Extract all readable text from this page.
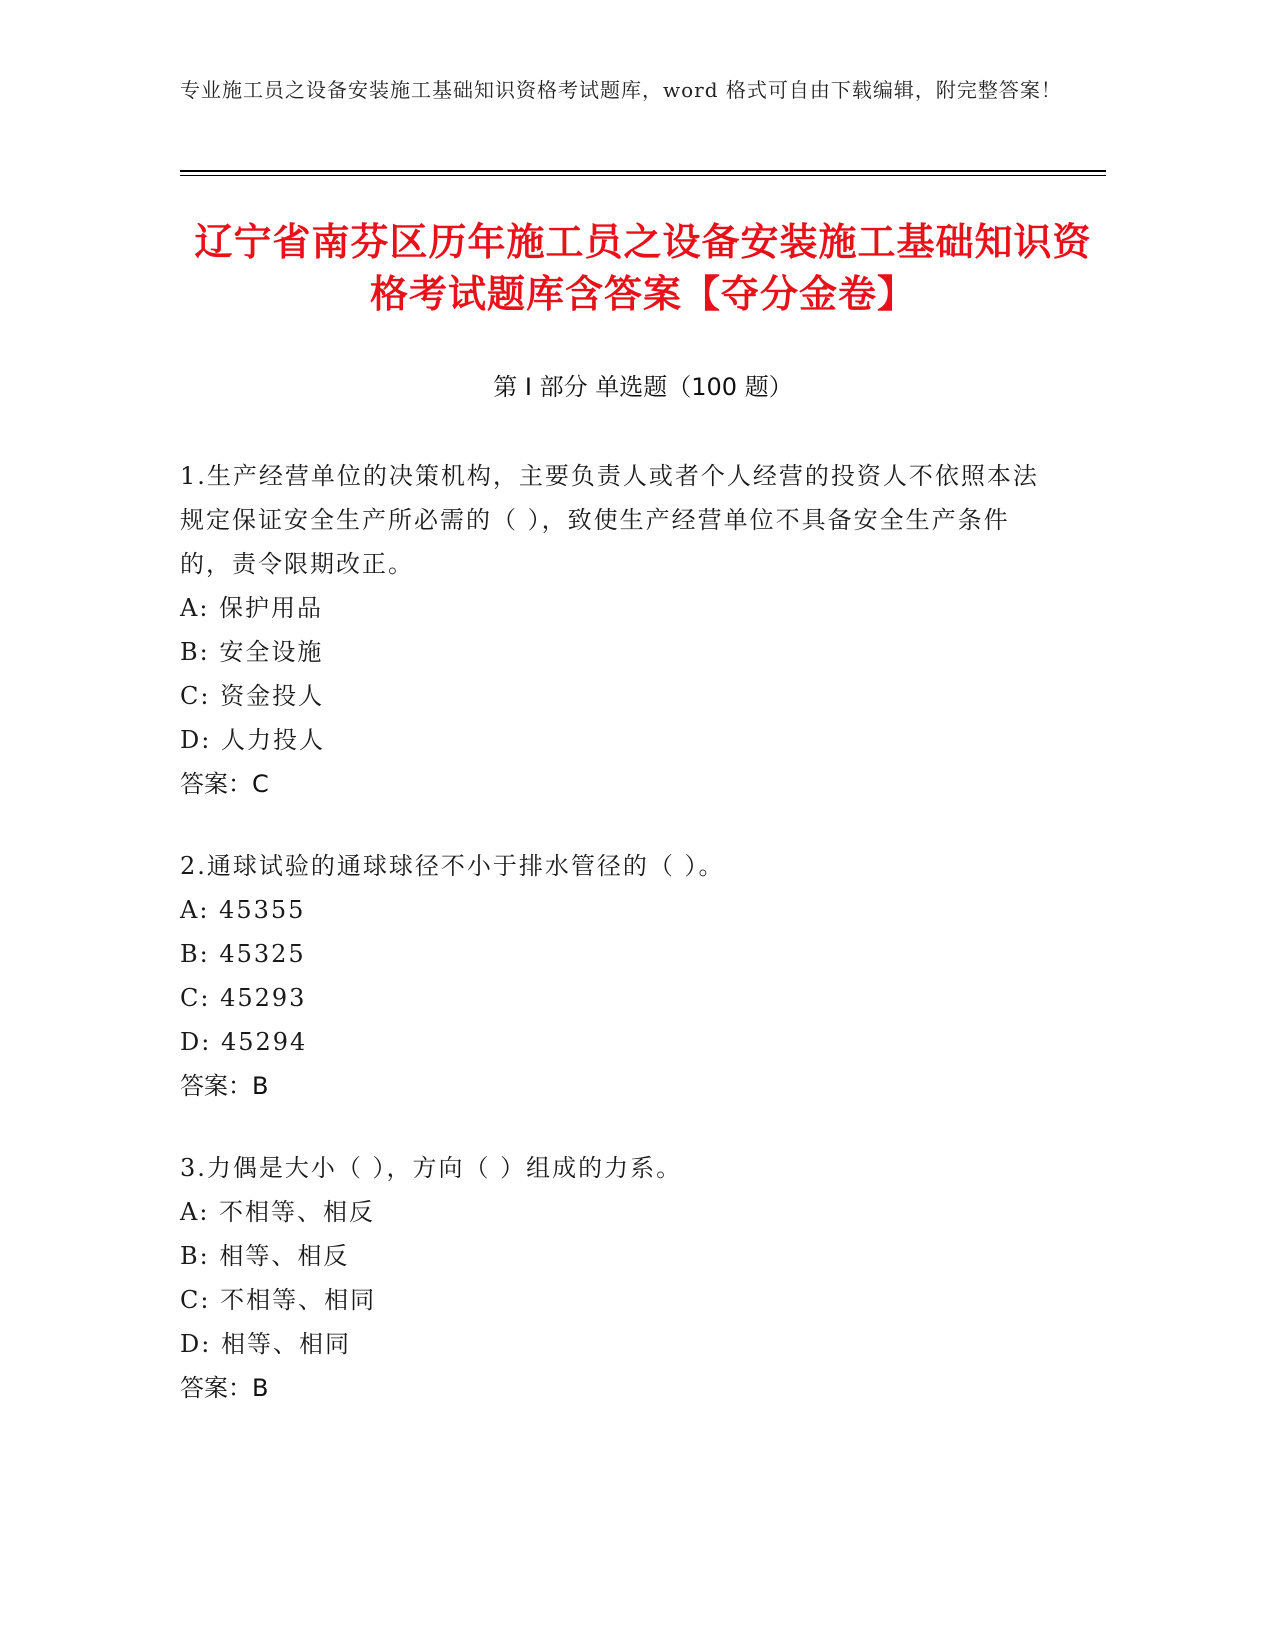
专业施工员之设备安装施工基础知识资格考试题库，word 格式可自由下载编辑，附完整答案！
辽宁省南芬区历年施工员之设备安装施工基础知识资格考试题库含答案【夺分金卷】
第 I 部分 单选题（100 题）

1.生产经营单位的决策机构，主要负责人或者个人经营的投资人不依照本法规定保证安全生产所必需的（ ），致使生产经营单位不具备安全生产条件的，责令限期改正。

A: 保护用品

B: 安全设施

C: 资金投人

D: 人力投人

答案：C

2.通球试验的通球球径不小于排水管径的（ ）。

A: 45355

B: 45325

C: 45293

D: 45294

答案：B

3.力偶是大小（ ），方向（ ）组成的力系。

A: 不相等、相反

B: 相等、相反

C: 不相等、相同

D: 相等、相同

答案：B
